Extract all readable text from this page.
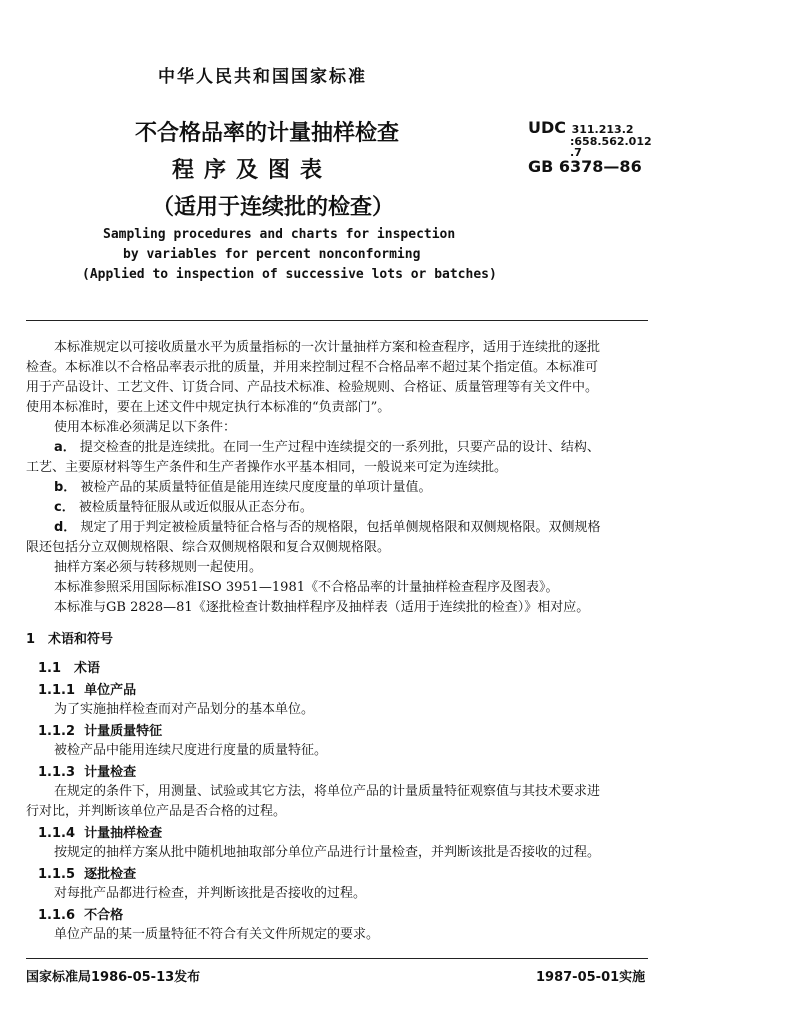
中华人民共和国国家标准
不合格品率的计量抽样检查
程序及图表
（适用于连续批的检查）
UDC 311.213.2
:658.562.012
.7
GB 6378—86
Sampling procedures and charts for inspection
by variables for percent nonconforming
(Applied to inspection of successive lots or batches)
本标准规定以可接收质量水平为质量指标的一次计量抽样方案和检查程序，适用于连续批的逐批
检查。本标准以不合格品率表示批的质量，并用来控制过程不合格品率不超过某个指定值。本标准可
用于产品设计、工艺文件、订货合同、产品技术标准、检验规则、合格证、质量管理等有关文件中。
使用本标准时，要在上述文件中规定执行本标准的“负责部门”。
使用本标准必须满足以下条件：
a． 提交检查的批是连续批。在同一生产过程中连续提交的一系列批，只要产品的设计、结构、
工艺、主要原材料等生产条件和生产者操作水平基本相同，一般说来可定为连续批。
b． 被检产品的某质量特征值是能用连续尺度度量的单项计量值。
c． 被检质量特征服从或近似服从正态分布。
d． 规定了用于判定被检质量特征合格与否的规格限，包括单侧规格限和双侧规格限。双侧规格
限还包括分立双侧规格限、综合双侧规格限和复合双侧规格限。
抽样方案必须与转移规则一起使用。
本标准参照采用国际标准ISO 3951—1981《不合格品率的计量抽样检查程序及图表》。
本标准与GB 2828—81《逐批检查计数抽样程序及抽样表（适用于连续批的检查）》相对应。
1　术语和符号
1.1　术语
1.1.1 单位产品
为了实施抽样检查而对产品划分的基本单位。
1.1.2 计量质量特征
被检产品中能用连续尺度进行度量的质量特征。
1.1.3 计量检查
在规定的条件下，用测量、试验或其它方法，将单位产品的计量质量特征观察值与其技术要求进
行对比，并判断该单位产品是否合格的过程。
1.1.4 计量抽样检查
按规定的抽样方案从批中随机地抽取部分单位产品进行计量检查，并判断该批是否接收的过程。
1.1.5 逐批检查
对每批产品都进行检查，并判断该批是否接收的过程。
1.1.6 不合格
单位产品的某一质量特征不符合有关文件所规定的要求。
国家标准局1986-05-13发布	1987-05-01实施
